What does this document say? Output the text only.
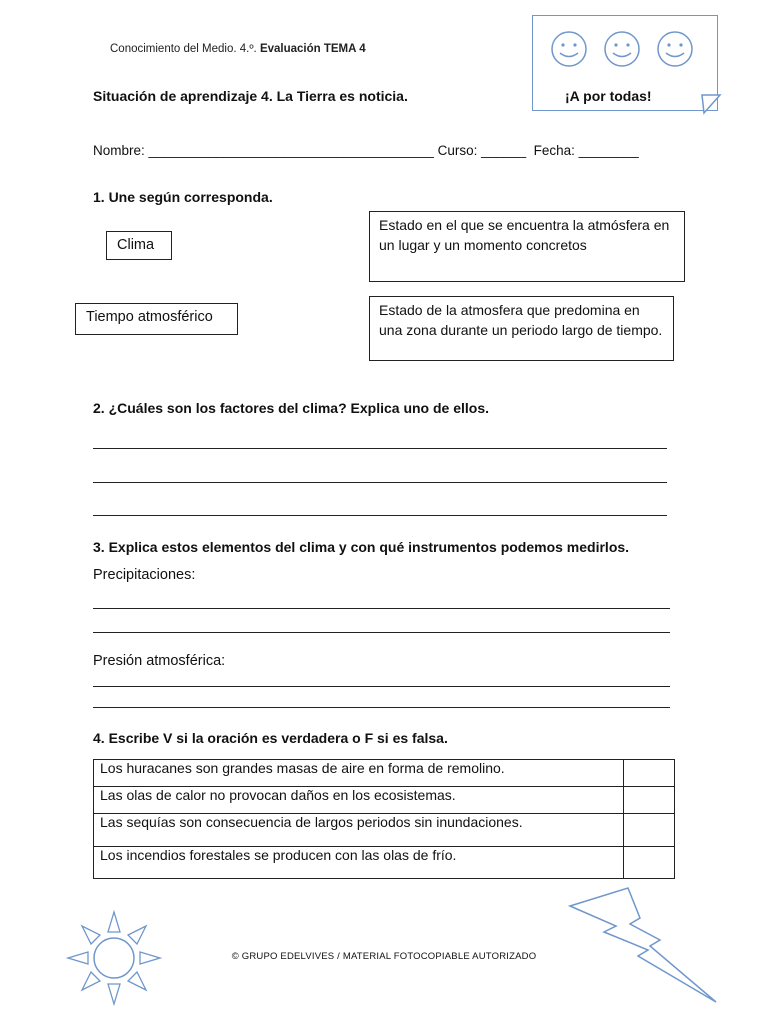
Conocimiento del Medio. 4.º. Evaluación TEMA 4
Situación de aprendizaje 4. La Tierra es noticia.	¡A por todas!
Nombre: ______________________________________ Curso: ______  Fecha: ________
1. Une según corresponda.
Clima
Tiempo atmosférico
Estado en el que se encuentra la atmósfera en un lugar y un momento concretos
Estado de la atmosfera que predomina en una zona durante un periodo largo de tiempo.
2. ¿Cuáles son los factores del clima? Explica uno de ellos.
3. Explica estos elementos del clima y con qué instrumentos podemos medirlos.
Precipitaciones:
Presión atmosférica:
4. Escribe V si la oración es verdadera o F si es falsa.
Los huracanes son grandes masas de aire en forma de remolino.	
Las olas de calor no provocan daños en los ecosistemas.	
Las sequías son consecuencia de largos periodos sin inundaciones.	
Los incendios forestales se producen con las olas de frío.	
© GRUPO EDELVIVES / MATERIAL FOTOCOPIABLE AUTORIZADO
